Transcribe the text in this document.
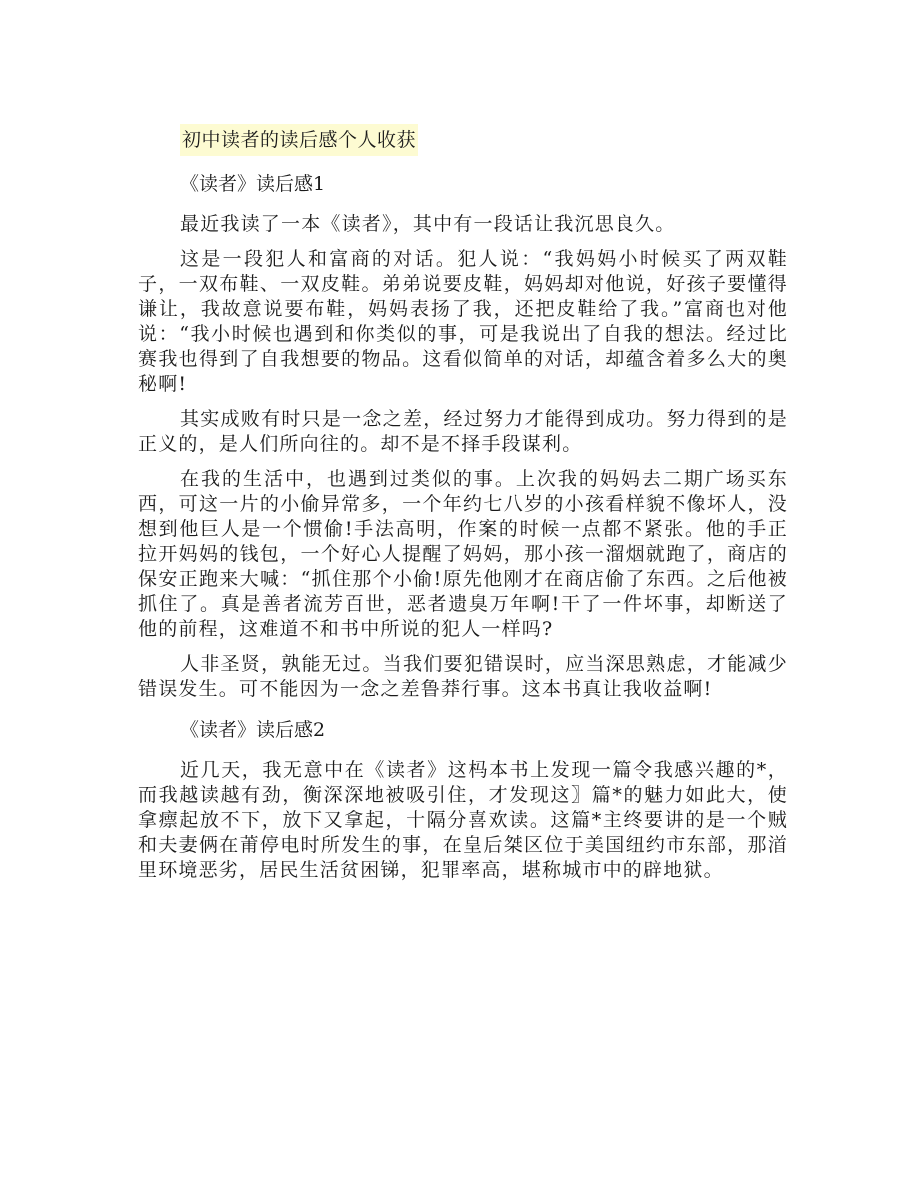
初中读者的读后感个人收获
《读者》读后感1

最近我读了一本《读者》，其中有一段话让我沉思良久。

这是一段犯人和富商的对话。犯人说：“我妈妈小时候买了两双鞋子，一双布鞋、一双皮鞋。弟弟说要皮鞋，妈妈却对他说，好孩子要懂得谦让，我故意说要布鞋，妈妈表扬了我，还把皮鞋给了我。”富商也对他说：“我小时候也遇到和你类似的事，可是我说出了自我的想法。经过比赛我也得到了自我想要的物品。这看似简单的对话，却蕴含着多么大的奥秘啊!

其实成败有时只是一念之差，经过努力才能得到成功。努力得到的是正义的，是人们所向往的。却不是不择手段谋利。

在我的生活中，也遇到过类似的事。上次我的妈妈去二期广场买东西，可这一片的小偷异常多，一个年约七八岁的小孩看样貌不像坏人，没想到他巨人是一个惯偷!手法高明，作案的时候一点都不紧张。他的手正拉开妈妈的钱包，一个好心人提醒了妈妈，那小孩一溜烟就跑了，商店的保安正跑来大喊：“抓住那个小偷!原先他刚才在商店偷了东西。之后他被抓住了。真是善者流芳百世，恶者遗臭万年啊!干了一件坏事，却断送了他的前程，这难道不和书中所说的犯人一样吗?

人非圣贤，孰能无过。当我们要犯错误时，应当深思熟虑，才能减少错误发生。可不能因为一念之差鲁莽行事。这本书真让我收益啊!

《读者》读后感2

近几天，我无意中在《读者》这杩本书上发现一篇令我感兴趣的*，而我越读越有劲，衡深深地被吸引住，才发现这〗篇*的魅力如此大，使拿瘭起放不下，放下又拿起，十隔分喜欢读。这篇*主终要讲的是一个贼和夫妻俩在莆停电时所发生的事，在皇后桀区位于美国纽约市东部，那渞里环境恶劣，居民生活贫困锑，犯罪率高，堪称城市中的辟地狱。
